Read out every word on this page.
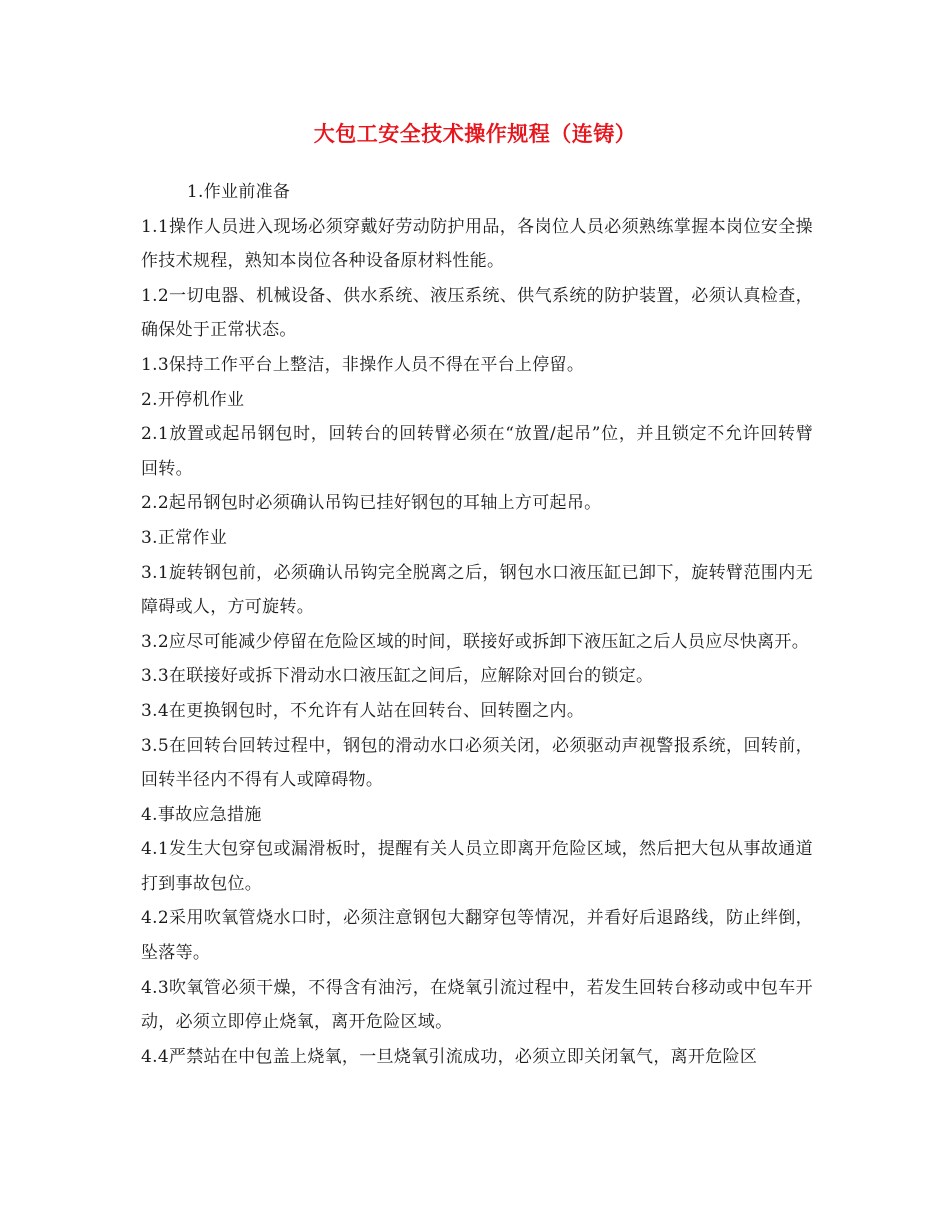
大包工安全技术操作规程（连铸）

1.作业前准备

1.1操作人员进入现场必须穿戴好劳动防护用品，各岗位人员必须熟练掌握本岗位安全操作技术规程，熟知本岗位各种设备原材料性能。

1.2一切电器、机械设备、供水系统、液压系统、供气系统的防护装置，必须认真检查，确保处于正常状态。

1.3保持工作平台上整洁，非操作人员不得在平台上停留。

2.开停机作业

2.1放置或起吊钢包时，回转台的回转臂必须在“放置/起吊”位，并且锁定不允许回转臂回转。

2.2起吊钢包时必须确认吊钩已挂好钢包的耳轴上方可起吊。

3.正常作业

3.1旋转钢包前，必须确认吊钩完全脱离之后，钢包水口液压缸已卸下，旋转臂范围内无障碍或人，方可旋转。

3.2应尽可能减少停留在危险区域的时间，联接好或拆卸下液压缸之后人员应尽快离开。

3.3在联接好或拆下滑动水口液压缸之间后，应解除对回台的锁定。

3.4在更换钢包时，不允许有人站在回转台、回转圈之内。

3.5在回转台回转过程中，钢包的滑动水口必须关闭，必须驱动声视警报系统，回转前，回转半径内不得有人或障碍物。

4.事故应急措施

4.1发生大包穿包或漏滑板时，提醒有关人员立即离开危险区域，然后把大包从事故通道打到事故包位。

4.2采用吹氧管烧水口时，必须注意钢包大翻穿包等情况，并看好后退路线，防止绊倒，坠落等。

4.3吹氧管必须干燥，不得含有油污，在烧氧引流过程中，若发生回转台移动或中包车开动，必须立即停止烧氧，离开危险区域。

4.4严禁站在中包盖上烧氧，一旦烧氧引流成功，必须立即关闭氧气，离开危险区
